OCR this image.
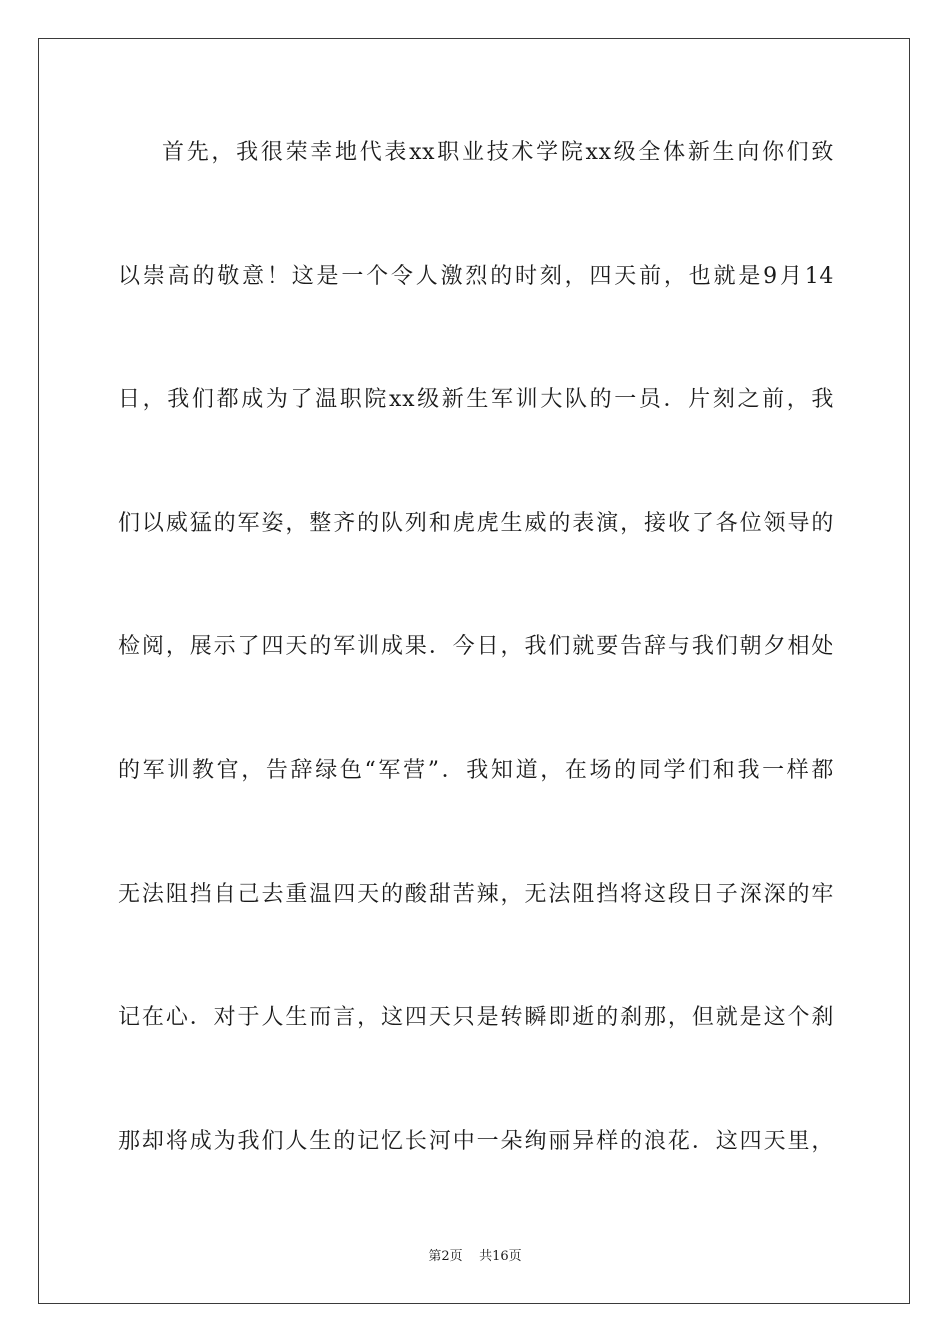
首先，我很荣幸地代表xx职业技术学院xx级全体新生向你们致
以崇高的敬意！这是一个令人激烈的时刻，四天前，也就是9月14
日，我们都成为了温职院xx级新生军训大队的一员．片刻之前，我
们以威猛的军姿，整齐的队列和虎虎生威的表演，接收了各位领导的
检阅，展示了四天的军训成果．今日，我们就要告辞与我们朝夕相处
的军训教官，告辞绿色“军营”．我知道，在场的同学们和我一样都
无法阻挡自己去重温四天的酸甜苦辣，无法阻挡将这段日子深深的牢
记在心．对于人生而言，这四天只是转瞬即逝的刹那，但就是这个刹
那却将成为我们人生的记忆长河中一朵绚丽异样的浪花．这四天里，
第2页    共16页
